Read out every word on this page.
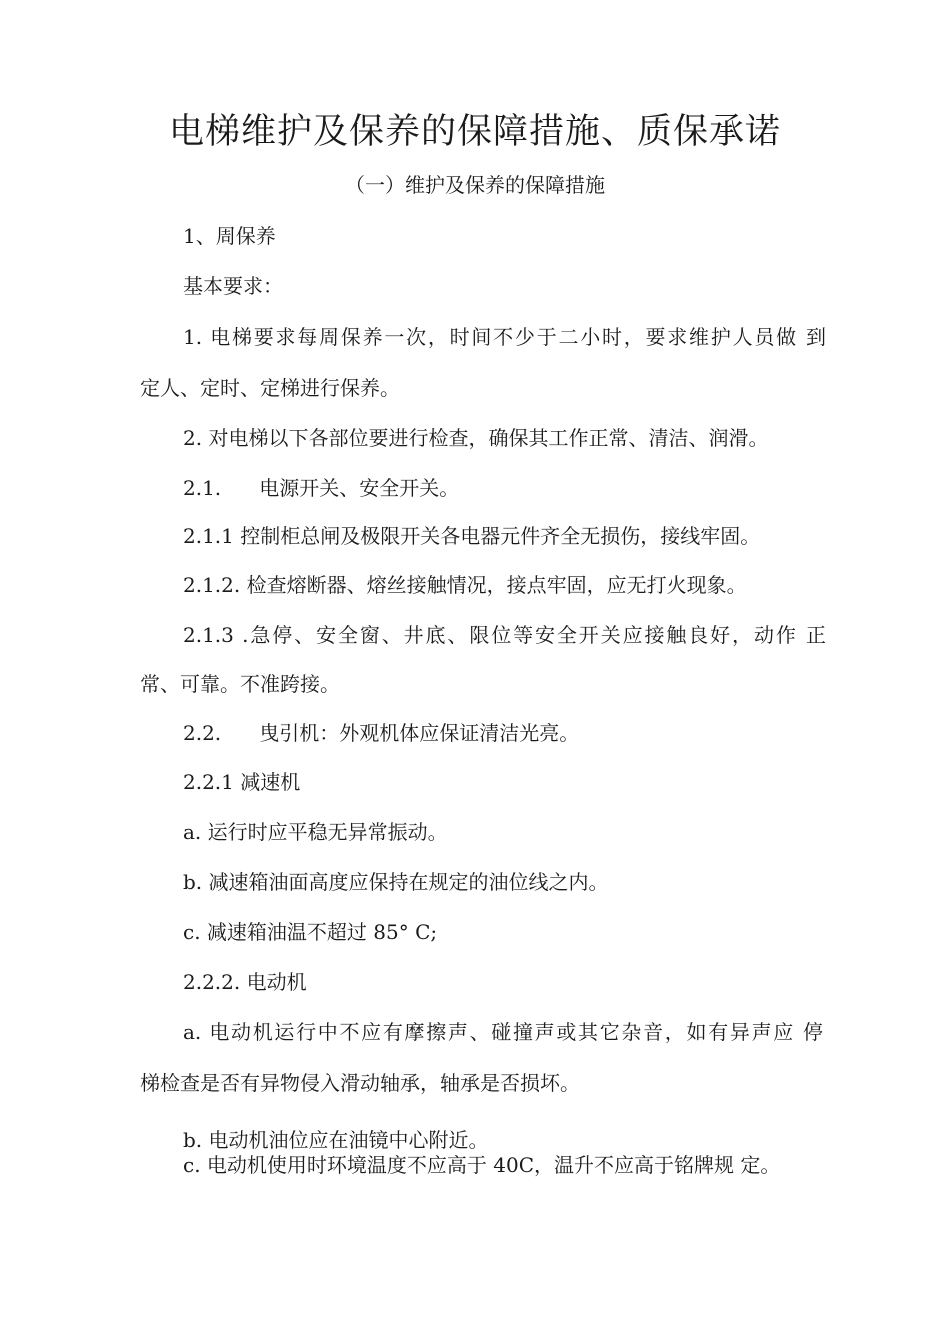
电梯维护及保养的保障措施、质保承诺
（一）维护及保养的保障措施
1、周保养
基本要求：
1. 电梯要求每周保养一次，时间不少于二小时，要求维护人员做 到
定人、定时、定梯进行保养。
2. 对电梯以下各部位要进行检查，确保其工作正常、清洁、润滑。
2.1.      电源开关、安全开关。
2.1.1 控制柜总闸及极限开关各电器元件齐全无损伤，接线牢固。
2.1.2. 检查熔断器、熔丝接触情况，接点牢固，应无打火现象。
2.1.3 .急停、安全窗、井底、限位等安全开关应接触良好，动作 正
常、可靠。不准跨接。
2.2.      曳引机：外观机体应保证清洁光亮。
2.2.1 减速机
a. 运行时应平稳无异常振动。
b. 减速箱油面高度应保持在规定的油位线之内。
c. 减速箱油温不超过 85° C;
2.2.2. 电动机
a. 电动机运行中不应有摩擦声、碰撞声或其它杂音，如有异声应 停
梯检查是否有异物侵入滑动轴承，轴承是否损坏。
b. 电动机油位应在油镜中心附近。
c. 电动机使用时环境温度不应高于 40C，温升不应高于铭牌规 定。
